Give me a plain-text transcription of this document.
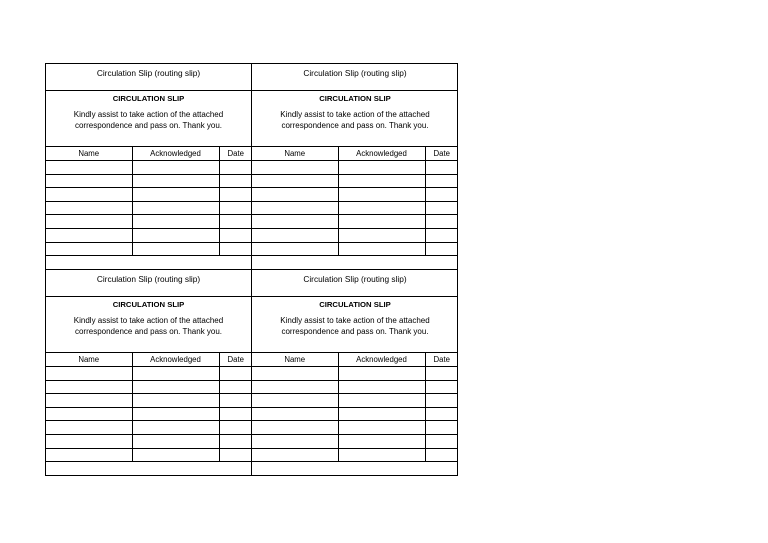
Circulation Slip (routing slip)
CIRCULATION SLIP
Kindly assist to take action of the attached
correspondence and pass on. Thank you.
Name	Acknowledged	Date

Circulation Slip (routing slip)
CIRCULATION SLIP
Kindly assist to take action of the attached
correspondence and pass on. Thank you.
Name	Acknowledged	Date

Circulation Slip (routing slip)
CIRCULATION SLIP
Kindly assist to take action of the attached
correspondence and pass on. Thank you.
Name	Acknowledged	Date

Circulation Slip (routing slip)
CIRCULATION SLIP
Kindly assist to take action of the attached
correspondence and pass on. Thank you.
Name	Acknowledged	Date
